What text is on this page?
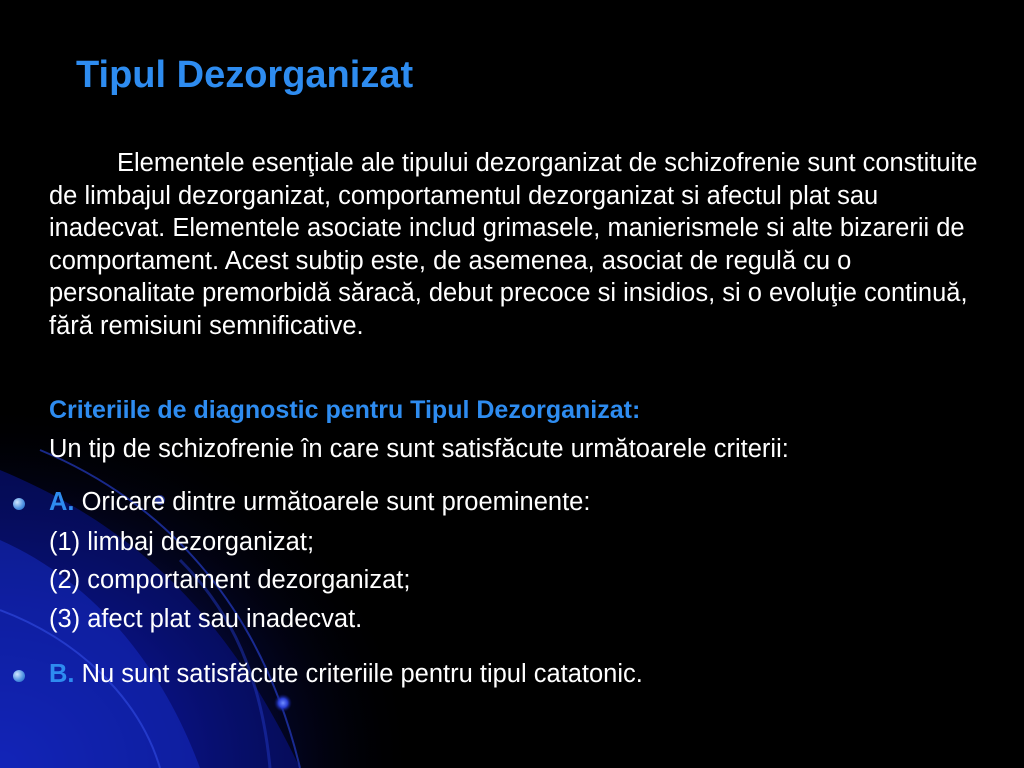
Tipul Dezorganizat

Elementele esenţiale ale tipului dezorganizat de schizofrenie sunt constituite de limbajul dezorganizat, comportamentul dezorganizat si afectul plat sau inadecvat. Elementele asociate includ grimasele, manierismele si alte bizarerii de comportament. Acest subtip este, de asemenea, asociat de regulă cu o personalitate premorbidă săracă, debut precoce si insidios, si o evoluţie continuă, fără remisiuni semnificative.

Criteriile de diagnostic pentru Tipul Dezorganizat:

Un tip de schizofrenie în care sunt satisfăcute următoarele criterii:

A. Oricare dintre următoarele sunt proeminente:
(1) limbaj dezorganizat;
(2) comportament dezorganizat;
(3) afect plat sau inadecvat.
B. Nu sunt satisfăcute criteriile pentru tipul catatonic.
